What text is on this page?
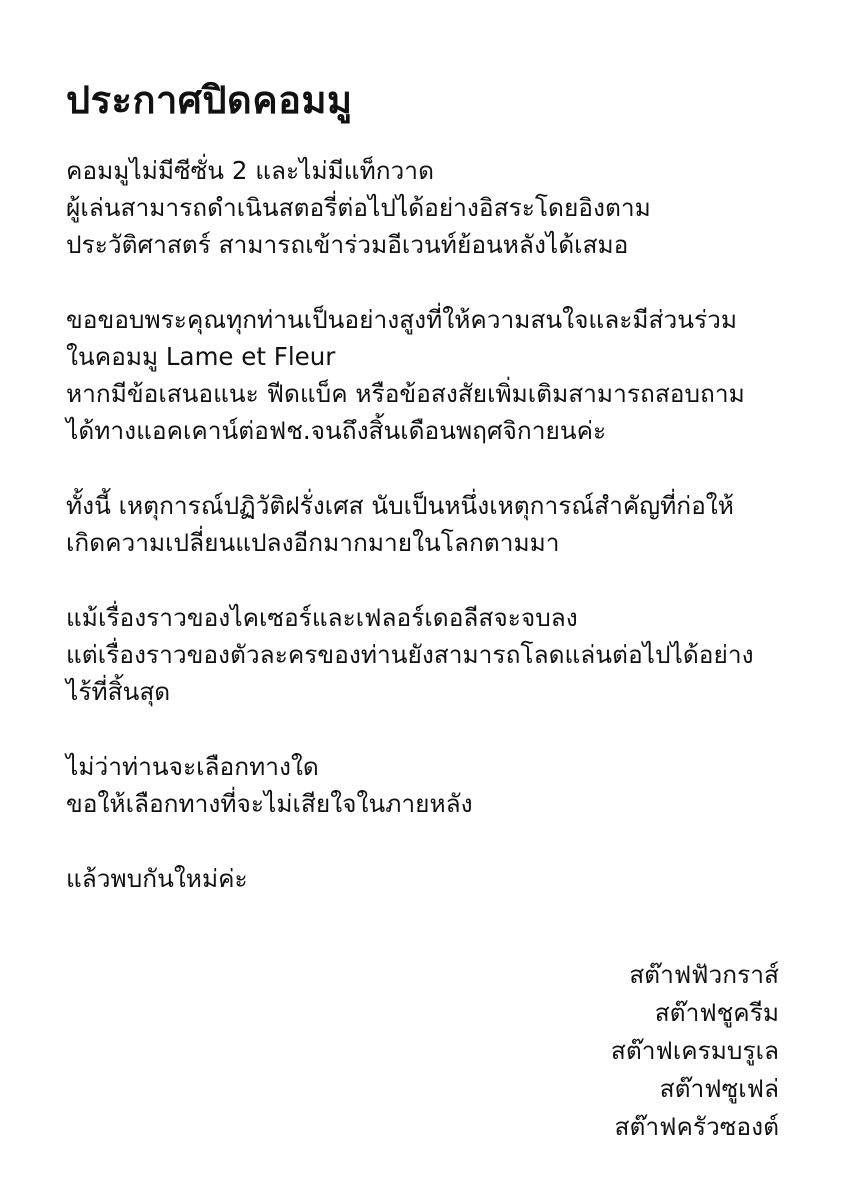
ประกาศปิดคอมมู
คอมมูไม่มีซีซั่น 2 และไม่มีแท็กวาด
ผู้เล่นสามารถดำเนินสตอรี่ต่อไปได้อย่างอิสระโดยอิงตาม
ประวัติศาสตร์ สามารถเข้าร่วมอีเวนท์ย้อนหลังได้เสมอ
ขอขอบพระคุณทุกท่านเป็นอย่างสูงที่ให้ความสนใจและมีส่วนร่วม
ในคอมมู Lame et Fleur
หากมีข้อเสนอแนะ ฟีดแบ็ค หรือข้อสงสัยเพิ่มเติมสามารถสอบถาม
ได้ทางแอคเคาน์ต่อฟช.จนถึงสิ้นเดือนพฤศจิกายนค่ะ
ทั้งนี้ เหตุการณ์ปฏิวัติฝรั่งเศส นับเป็นหนึ่งเหตุการณ์สำคัญที่ก่อให้
เกิดความเปลี่ยนแปลงอีกมากมายในโลกตามมา
แม้เรื่องราวของไคเซอร์และเฟลอร์เดอลีสจะจบลง
แต่เรื่องราวของตัวละครของท่านยังสามารถโลดแล่นต่อไปได้อย่าง
ไร้ที่สิ้นสุด
ไม่ว่าท่านจะเลือกทางใด
ขอให้เลือกทางที่จะไม่เสียใจในภายหลัง
แล้วพบกันใหม่ค่ะ
สต๊าฟฟัวกราส์
สต๊าฟชูครีม
สต๊าฟเครมบรูเล
สต๊าฟซูเฟล่
สต๊าฟครัวซองต์
